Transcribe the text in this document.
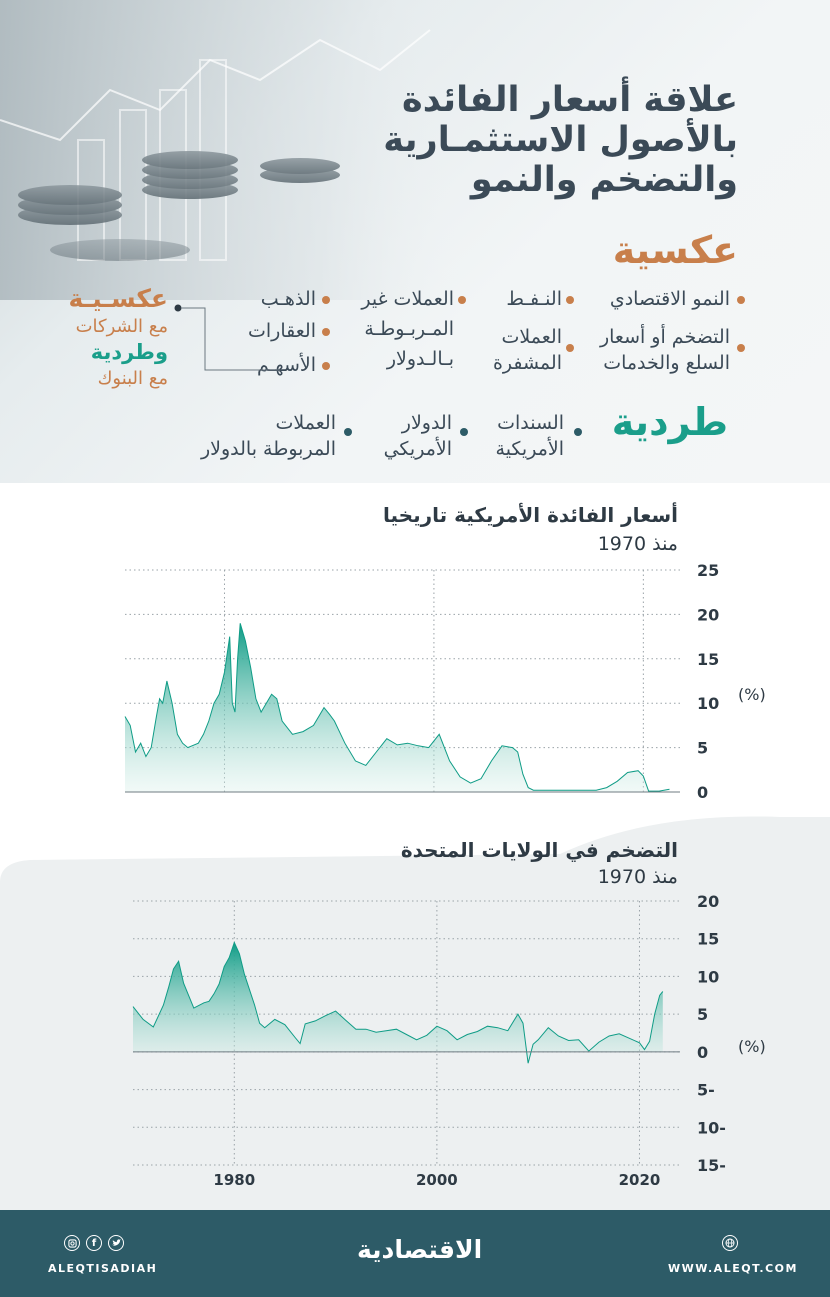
علاقة أسعار الفائدة
بالأصول الاستثمـارية
والتضخم والنمو
عكسية
النمو الاقتصادي
التضخم أو أسعار
السلع والخدمات
النـفـط
العملات
المشفرة
العملات غير
المـربـوطـة
بـالـدولار
الذهـب
العقارات
الأسهـم
عكسـيـة
مع الشركات
وطردية
مع البنوك
طردية
السندات
الأمريكية
الدولار
الأمريكي
العملات
المربوطة بالدولار
أسعار الفائدة الأمريكية تاريخيا
منذ 1970
(%)
25
20
15
10
5
0
التضخم في الولايات المتحدة
منذ 1970
(%)
20
15
10
5
0
5-
10-
15-
1980	2000	2020
f
ALEQTISADIAH
الاقتصادية
WWW.ALEQT.COM
